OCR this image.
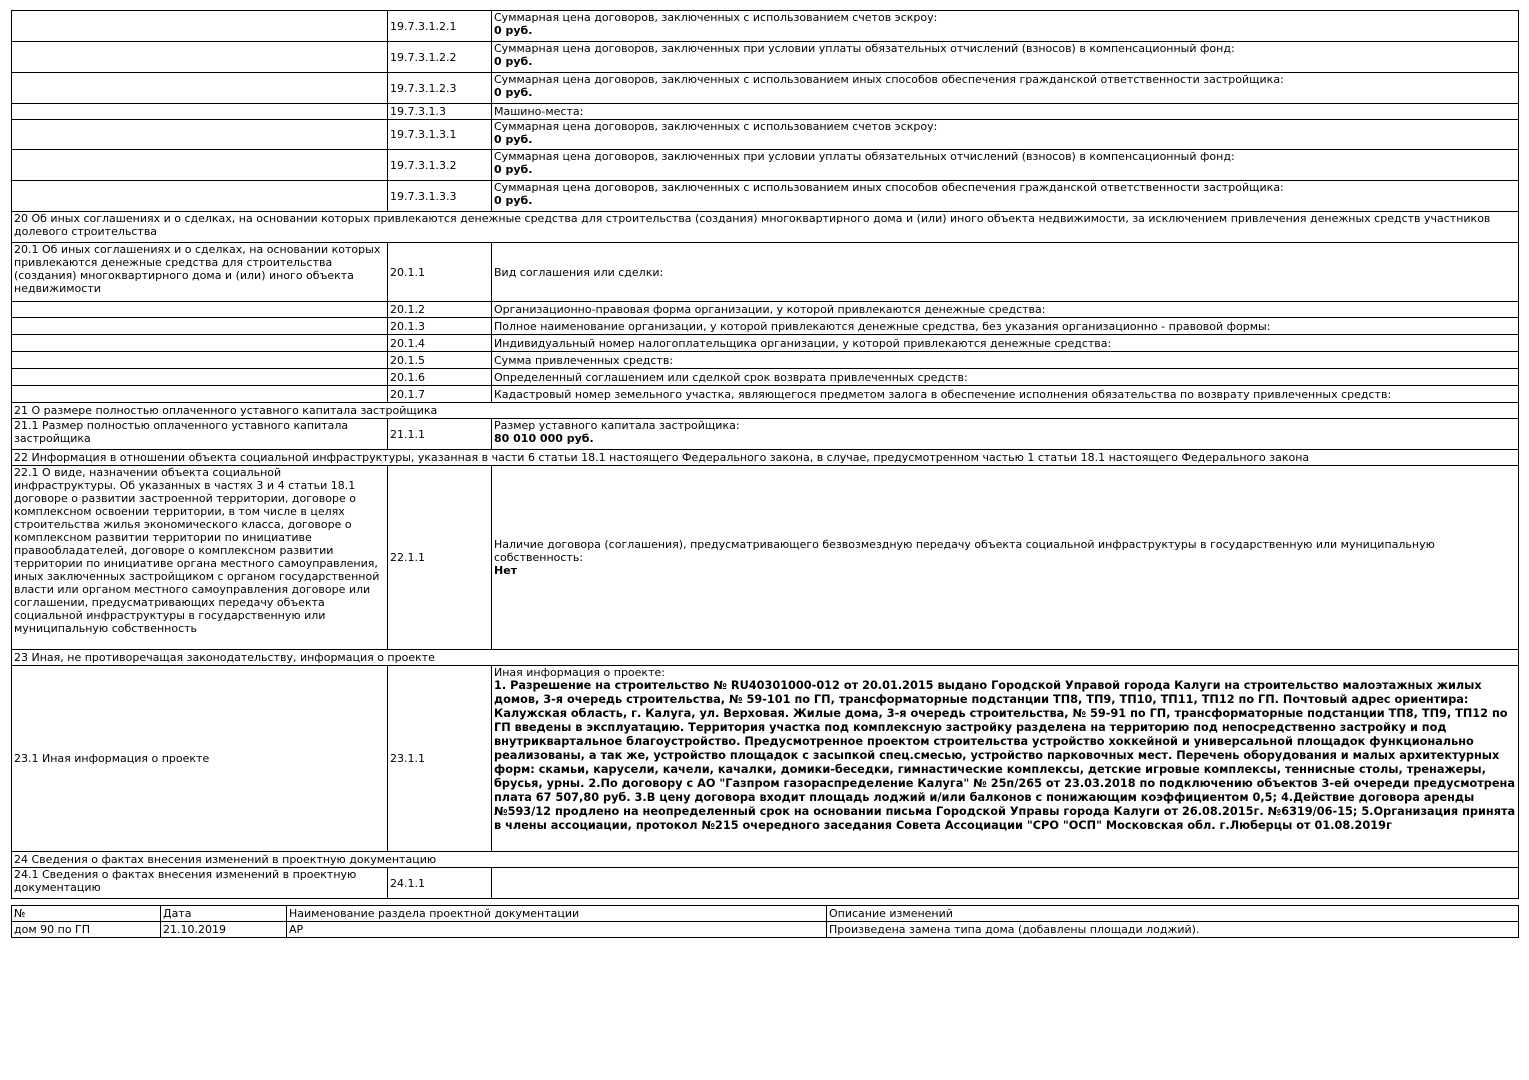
	19.7.3.1.2.1	Суммарная цена договоров, заключенных с использованием счетов эскроу:
0 руб.

	19.7.3.1.2.2	Суммарная цена договоров, заключенных при условии уплаты обязательных отчислений (взносов) в компенсационный фонд:
0 руб.

	19.7.3.1.2.3	Суммарная цена договоров, заключенных с использованием иных способов обеспечения гражданской ответственности застройщика:
0 руб.

	19.7.3.1.3	Машино-места:
	19.7.3.1.3.1	Суммарная цена договоров, заключенных с использованием счетов эскроу:
0 руб.

	19.7.3.1.3.2	Суммарная цена договоров, заключенных при условии уплаты обязательных отчислений (взносов) в компенсационный фонд:
0 руб.

	19.7.3.1.3.3	Суммарная цена договоров, заключенных с использованием иных способов обеспечения гражданской ответственности застройщика:
0 руб.

20 Об иных соглашениях и о сделках, на основании которых привлекаются денежные средства для строительства (создания) многоквартирного дома и (или) иного объекта недвижимости, за исключением привлечения денежных средств участников долевого строительства		
20.1 Об иных соглашениях и о сделках, на основании которых привлекаются денежные средства для строительства (создания) многоквартирного дома и (или) иного объекта недвижимости	20.1.1	Вид соглашения или сделки:
	20.1.2	Организационно-правовая форма организации, у которой привлекаются денежные средства:
	20.1.3	Полное наименование организации, у которой привлекаются денежные средства, без указания организационно - правовой формы:
	20.1.4	Индивидуальный номер налогоплательщика организации, у которой привлекаются денежные средства:
	20.1.5	Сумма привлеченных средств:
	20.1.6	Определенный соглашением или сделкой срок возврата привлеченных средств:
	20.1.7	Кадастровый номер земельного участка, являющегося предметом залога в обеспечение исполнения обязательства по возврату привлеченных средств:
21 О размере полностью оплаченного уставного капитала застройщика		
21.1 Размер полностью оплаченного уставного капитала застройщика	21.1.1	Размер уставного капитала застройщика:
80 010 000 руб.

22 Информация в отношении объекта социальной инфраструктуры, указанная в части 6 статьи 18.1 настоящего Федерального закона, в случае, предусмотренном частью 1 статьи 18.1 настоящего Федерального закона		
22.1 О виде, назначении объекта социальной инфраструктуры. Об указанных в частях 3 и 4 статьи 18.1 договоре о развитии застроенной территории, договоре о комплексном освоении территории, в том числе в целях строительства жилья экономического класса, договоре о комплексном развитии территории по инициативе правообладателей, договоре о комплексном развитии территории по инициативе органа местного самоуправления, иных заключенных застройщиком с органом государственной власти или органом местного самоуправления договоре или соглашении, предусматривающих передачу объекта социальной инфраструктуры в государственную или муниципальную собственность	22.1.1	Наличие договора (соглашения), предусматривающего безвозмездную передачу объекта социальной инфраструктуры в государственную или муниципальную собственность:
Нет

23 Иная, не противоречащая законодательству, информация о проекте		
23.1 Иная информация о проекте	23.1.1	Иная информация о проекте:
1. Разрешение на строительство № RU40301000-012 от 20.01.2015 выдано Городской Управой города Калуги на строительство малоэтажных жилых домов, 3-я очередь строительства, № 59-101 по ГП, трансформаторные подстанции ТП8, ТП9, ТП10, ТП11, ТП12 по ГП. Почтовый адрес ориентира: Калужская область, г. Калуга, ул. Верховая. Жилые дома, 3-я очередь строительства, № 59-91 по ГП, трансформаторные подстанции ТП8, ТП9, ТП12 по ГП введены в эксплуатацию. Территория участка под комплексную застройку разделена на территорию под непосредственно застройку и под внутриквартальное благоустройство. Предусмотренное проектом строительства устройство хоккейной и универсальной площадок функционально реализованы, а так же, устройство площадок с засыпкой спец.смесью, устройство парковочных мест. Перечень оборудования и малых архитектурных форм: скамьи, карусели, качели, качалки, домики-беседки, гимнастические комплексы, детские игровые комплексы, теннисные столы, тренажеры, брусья, урны. 2.По договору с АО "Газпром газораспределение Калуга" № 25п/265 от 23.03.2018 по подключению объектов 3-ей очереди предусмотрена плата 67 507,80 руб. 3.В цену договора входит площадь лоджий и/или балконов с понижающим коэффициентом 0,5; 4.Действие договора аренды №593/12 продлено на неопределенный срок на основании письма Городской Управы города Калуги от 26.08.2015г. №6319/06-15; 5.Организация принята в члены ассоциации, протокол №215 очередного заседания Совета Ассоциации "СРО "ОСП" Московская обл. г.Люберцы от 01.08.2019г

24 Сведения о фактах внесения изменений в проектную документацию		
24.1 Сведения о фактах внесения изменений в проектную документацию	24.1.1	
№	Дата	Наименование раздела проектной документации	Описание изменений
дом 90 по ГП	21.10.2019	АР	Произведена замена типа дома (добавлены площади лоджий).
